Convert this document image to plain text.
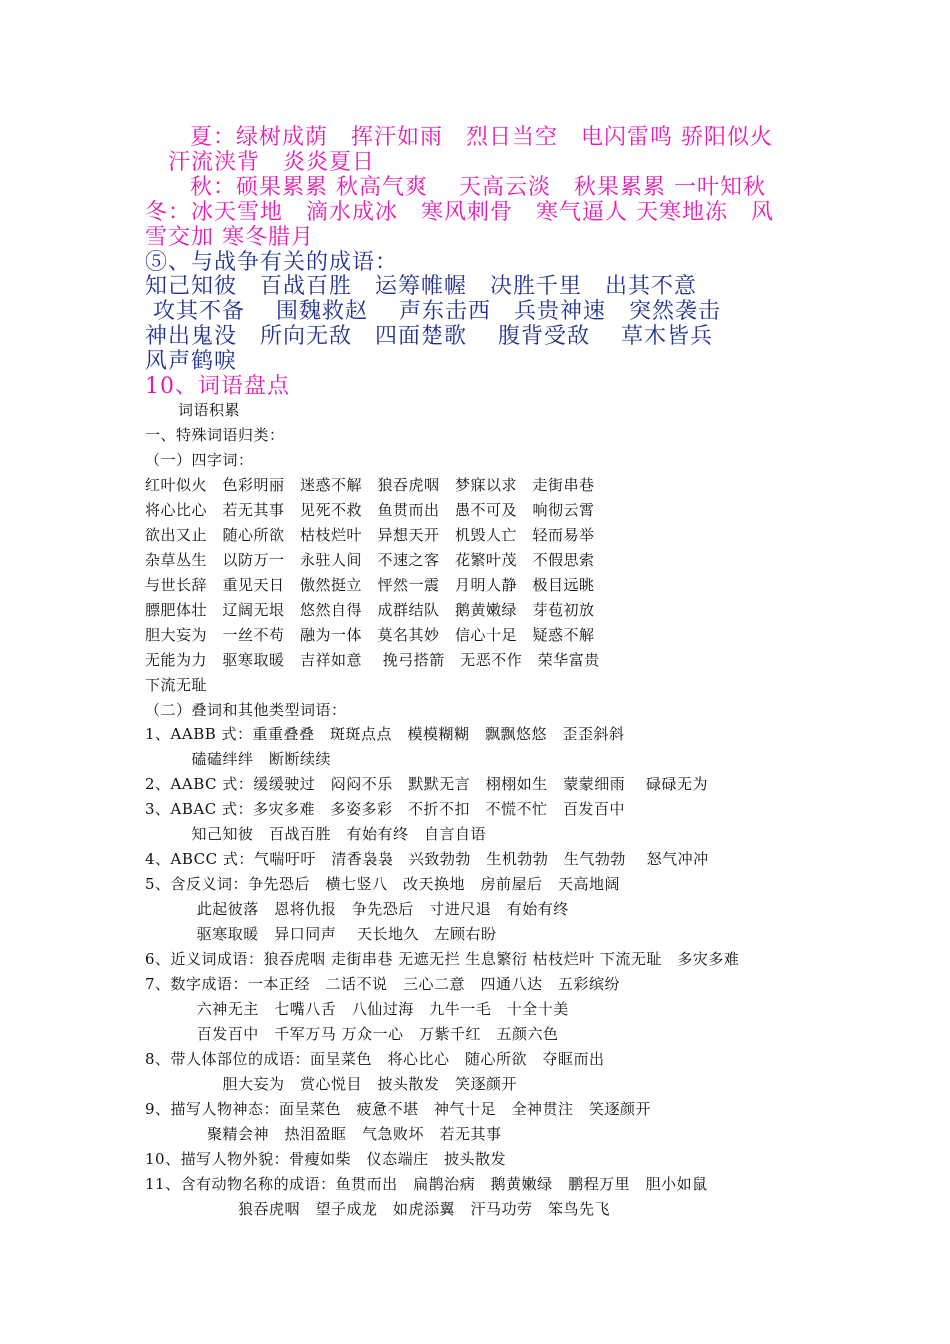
夏：绿树成荫　挥汗如雨　烈日当空　电闪雷鸣 骄阳似火
汗流浃背　炎炎夏日
秋：硕果累累 秋高气爽　 天高云淡　秋果累累 一叶知秋
冬：冰天雪地　滴水成冰　寒风刺骨　寒气逼人 天寒地冻　风
雪交加 寒冬腊月
⑤、与战争有关的成语：
知己知彼　百战百胜　运筹帷幄　决胜千里　出其不意
攻其不备　 围魏救赵　 声东击西　兵贵神速　突然袭击
神出鬼没　所向无敌　四面楚歌　 腹背受敌　 草木皆兵
风声鹤唳
10、词语盘点
词语积累
一、特殊词语归类：
（一）四字词：
红叶似火　色彩明丽　迷惑不解　狼吞虎咽　梦寐以求　走街串巷
将心比心　若无其事　见死不救　鱼贯而出　愚不可及　响彻云霄
欲出又止　随心所欲　枯枝烂叶　异想天开　机毁人亡　轻而易举
杂草丛生　以防万一　永驻人间　不速之客　花繁叶茂　不假思索
与世长辞　重见天日　傲然挺立　怦然一震　月明人静　极目远眺
膘肥体壮　辽阔无垠　悠然自得　成群结队　鹅黄嫩绿　芽苞初放
胆大妄为　一丝不苟　融为一体　莫名其妙　信心十足　疑惑不解
无能为力　驱寒取暖　吉祥如意　 挽弓搭箭　无恶不作　荣华富贵
下流无耻
（二）叠词和其他类型词语：
1、AABB 式：重重叠叠　斑斑点点　模模糊糊　飘飘悠悠　歪歪斜斜
　　　磕磕绊绊　断断续续
2、AABC 式：缓缓驶过　闷闷不乐　默默无言　栩栩如生　蒙蒙细雨　 碌碌无为
3、ABAC 式：多灾多难　多姿多彩　不折不扣　不慌不忙　百发百中
　　　知己知彼　百战百胜　有始有终　自言自语
4、ABCC 式：气喘吁吁　清香袅袅　兴致勃勃　生机勃勃　生气勃勃　 怒气冲冲
5、含反义词：争先恐后　横七竖八　改天换地　房前屋后　天高地阔
　　　 此起彼落　恩将仇报　争先恐后　寸进尺退　有始有终
　　　 驱寒取暖　异口同声　 天长地久　左顾右盼
6、近义词成语：狼吞虎咽 走街串巷 无遮无拦 生息繁衍 枯枝烂叶 下流无耻　多灾多难
7、数字成语：一本正经　二话不说　三心二意　四通八达　五彩缤纷
　　　 六神无主　七嘴八舌　八仙过海　九牛一毛　十全十美
　　　 百发百中　千军万马 万众一心　万紫千红　五颜六色
8、带人体部位的成语：面呈菜色　将心比心　随心所欲　夺眶而出
　　　　　胆大妄为　赏心悦目　披头散发　笑逐颜开
9、描写人物神态：面呈菜色　疲惫不堪　神气十足　全神贯注　笑逐颜开
　　　　聚精会神　热泪盈眶　气急败坏　若无其事
10、描写人物外貌：骨瘦如柴　仪态端庄　披头散发
11、含有动物名称的成语：鱼贯而出　扁鹊治病　鹅黄嫩绿　鹏程万里　胆小如鼠
　　　　　　狼吞虎咽　望子成龙　如虎添翼　汗马功劳　笨鸟先飞
